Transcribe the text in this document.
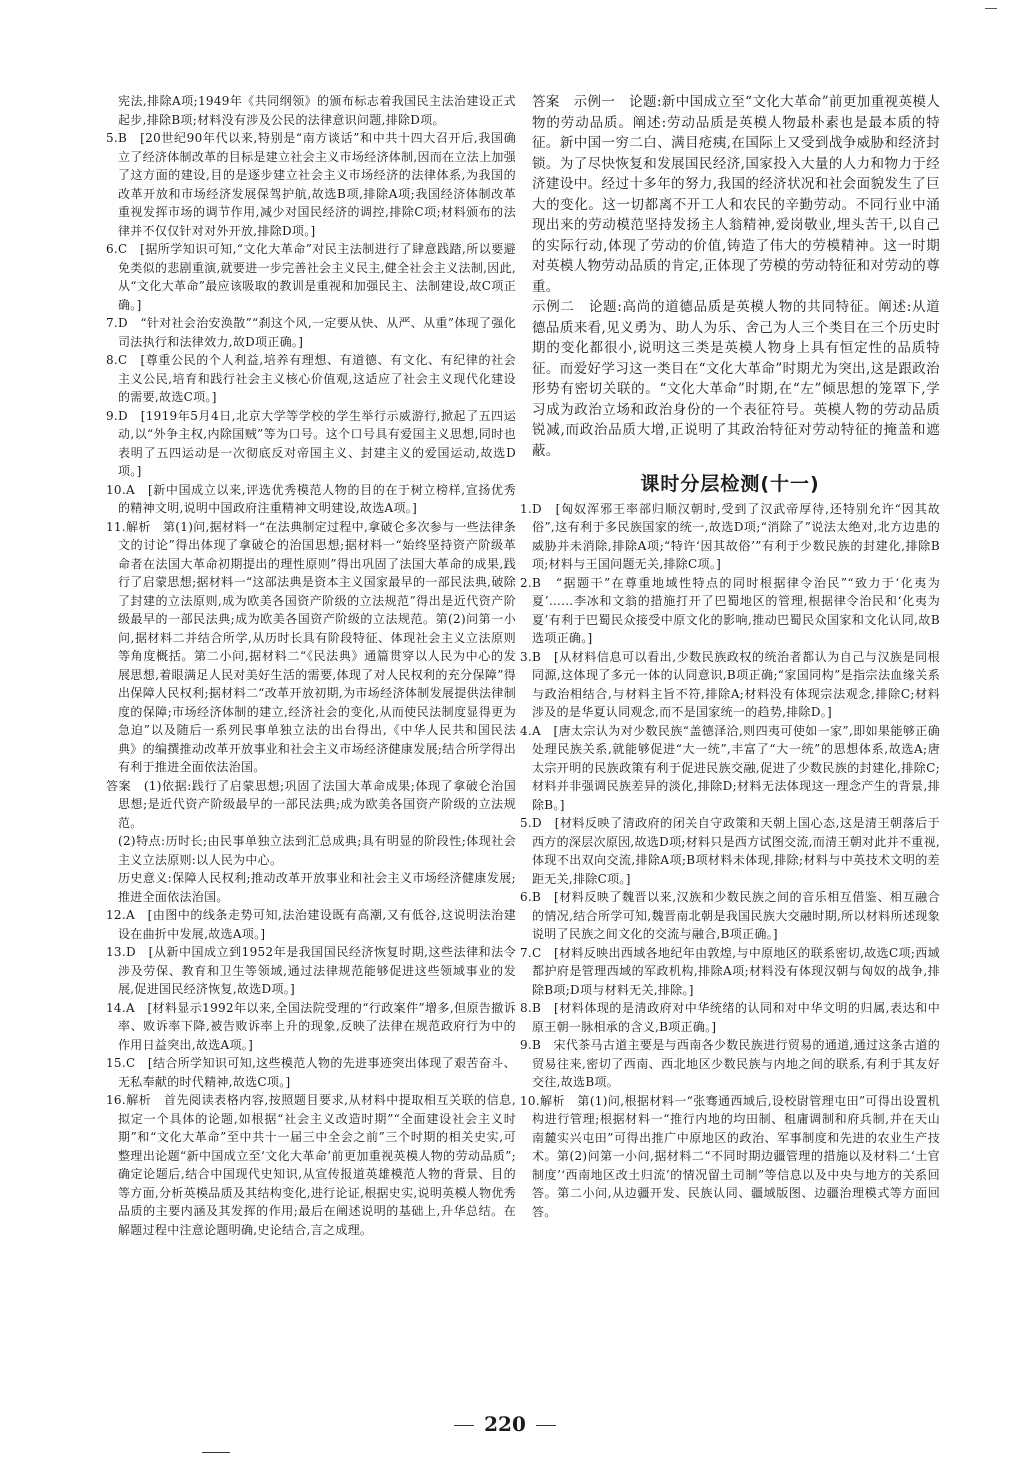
宪法,排除A项;1949年《共同纲领》的颁布标志着我国民主法治建设正式起步,排除B项;材料没有涉及公民的法律意识问题,排除D项。

5.B　[20世纪90年代以来,特别是“南方谈话”和中共十四大召开后,我国确立了经济体制改革的目标是建立社会主义市场经济体制,因而在立法上加强了这方面的建设,目的是逐步建立社会主义市场经济的法律体系,为我国的改革开放和市场经济发展保驾护航,故选B项,排除A项;我国经济体制改革重视发挥市场的调节作用,减少对国民经济的调控,排除C项;材料颁布的法律并不仅仅针对对外开放,排除D项。]

6.C　[据所学知识可知,“文化大革命”对民主法制进行了肆意践踏,所以要避免类似的悲剧重演,就要进一步完善社会主义民主,健全社会主义法制,因此,从“文化大革命”最应该吸取的教训是重视和加强民主、法制建设,故C项正确。]

7.D　“针对社会治安涣散”“刹这个风,一定要从快、从严、从重”体现了强化司法执行和法律效力,故D项正确。]

8.C　[尊重公民的个人利益,培养有理想、有道德、有文化、有纪律的社会主义公民,培育和践行社会主义核心价值观,这适应了社会主义现代化建设的需要,故选C项。]

9.D　[1919年5月4日,北京大学等学校的学生举行示威游行,掀起了五四运动,以“外争主权,内除国贼”等为口号。这个口号具有爱国主义思想,同时也表明了五四运动是一次彻底反对帝国主义、封建主义的爱国运动,故选D项。]

10.A　[新中国成立以来,评选优秀模范人物的目的在于树立榜样,宣扬优秀的精神文明,说明中国政府注重精神文明建设,故选A项。]

11.解析　第(1)问,据材料一“在法典制定过程中,拿破仑多次参与一些法律条文的讨论”得出体现了拿破仑的治国思想;据材料一“始终坚持资产阶级革命者在法国大革命初期提出的理性原则”得出巩固了法国大革命的成果,践行了启蒙思想;据材料一“这部法典是资本主义国家最早的一部民法典,破除了封建的立法原则,成为欧美各国资产阶级的立法规范”得出是近代资产阶级最早的一部民法典;成为欧美各国资产阶级的立法规范。第(2)问第一小问,据材料二并结合所学,从历时长具有阶段特征、体现社会主义立法原则等角度概括。第二小问,据材料二“《民法典》通篇贯穿以人民为中心的发展思想,着眼满足人民对美好生活的需要,体现了对人民权利的充分保障”得出保障人民权利;据材料二“改革开放初期,为市场经济体制发展提供法律制度的保障;市场经济体制的建立,经济社会的变化,从而使民法制度显得更为急迫”以及随后一系列民事单独立法的出台得出,《中华人民共和国民法典》的编撰推动改革开放事业和社会主义市场经济健康发展;结合所学得出有利于推进全面依法治国。

答案　(1)依据:践行了启蒙思想;巩固了法国大革命成果;体现了拿破仑治国思想;是近代资产阶级最早的一部民法典;成为欧美各国资产阶级的立法规范。

(2)特点:历时长;由民事单独立法到汇总成典;具有明显的阶段性;体现社会主义立法原则:以人民为中心。

历史意义:保障人民权利;推动改革开放事业和社会主义市场经济健康发展;推进全面依法治国。

12.A　[由图中的线条走势可知,法治建设既有高潮,又有低谷,这说明法治建设在曲折中发展,故选A项。]

13.D　[从新中国成立到1952年是我国国民经济恢复时期,这些法律和法令涉及劳保、教育和卫生等领域,通过法律规范能够促进这些领域事业的发展,促进国民经济恢复,故选D项。]

14.A　[材料显示1992年以来,全国法院受理的“行政案件”增多,但原告撤诉率、败诉率下降,被告败诉率上升的现象,反映了法律在规范政府行为中的作用日益突出,故选A项。]

15.C　[结合所学知识可知,这些模范人物的先进事迹突出体现了艰苦奋斗、无私奉献的时代精神,故选C项。]

16.解析　首先阅读表格内容,按照题目要求,从材料中提取相互关联的信息,拟定一个具体的论题,如根据“社会主义改造时期”“全面建设社会主义时期”和“文化大革命”至中共十一届三中全会之前”三个时期的相关史实,可整理出论题“新中国成立至‘文化大革命’前更加重视英模人物的劳动品质”;确定论题后,结合中国现代史知识,从宣传报道英雄模范人物的背景、目的等方面,分析英模品质及其结构变化,进行论证,根据史实,说明英模人物优秀品质的主要内涵及其发挥的作用;最后在阐述说明的基础上,升华总结。在解题过程中注意论题明确,史论结合,言之成理。

答案　示例一　论题:新中国成立至“文化大革命”前更加重视英模人物的劳动品质。阐述:劳动品质是英模人物最朴素也是最本质的特征。新中国一穷二白、满目疮痍,在国际上又受到战争威胁和经济封锁。为了尽快恢复和发展国民经济,国家投入大量的人力和物力于经济建设中。经过十多年的努力,我国的经济状况和社会面貌发生了巨大的变化。这一切都离不开工人和农民的辛勤劳动。不同行业中涌现出来的劳动模范坚持发扬主人翁精神,爱岗敬业,埋头苦干,以自己的实际行动,体现了劳动的价值,铸造了伟大的劳模精神。这一时期对英模人物劳动品质的肯定,正体现了劳模的劳动特征和对劳动的尊重。

示例二　论题:高尚的道德品质是英模人物的共同特征。阐述:从道德品质来看,见义勇为、助人为乐、舍己为人三个类目在三个历史时期的变化都很小,说明这三类是英模人物身上具有恒定性的品质特征。而爱好学习这一类目在“文化大革命”时期尤为突出,这是跟政治形势有密切关联的。“文化大革命”时期,在“左”倾思想的笼罩下,学习成为政治立场和政治身份的一个表征符号。英模人物的劳动品质锐减,而政治品质大增,正说明了其政治特征对劳动特征的掩盖和遮蔽。

课时分层检测(十一)

1.D　[匈奴浑邪王率部归顺汉朝时,受到了汉武帝厚待,还特别允许“因其故俗”,这有利于多民族国家的统一,故选D项;“消除了”说法太绝对,北方边患的威胁并未消除,排除A项;“特许‘因其故俗’”有利于少数民族的封建化,排除B项;材料与王国问题无关,排除C项。]

2.B　“据题干”在尊重地域性特点的同时根据律令治民”“致力于‘化夷为夏’……李冰和文翁的措施打开了巴蜀地区的管理,根据律令治民和‘化夷为夏’有利于巴蜀民众接受中原文化的影响,推动巴蜀民众国家和文化认同,故B选项正确。]

3.B　[从材料信息可以看出,少数民族政权的统治者都认为自己与汉族是同根同源,这体现了多元一体的认同意识,B项正确;“家国同构”是指宗法血缘关系与政治相结合,与材料主旨不符,排除A;材料没有体现宗法观念,排除C;材料涉及的是华夏认同观念,而不是国家统一的趋势,排除D。]

4.A　[唐太宗认为对少数民族“盖德泽洽,则四夷可使如一家”,即如果能够正确处理民族关系,就能够促进“大一统”,丰富了“大一统”的思想体系,故选A;唐太宗开明的民族政策有利于促进民族交融,促进了少数民族的封建化,排除C;材料并非强调民族差异的淡化,排除D;材料无法体现这一理念产生的背景,排除B。]

5.D　[材料反映了清政府的闭关自守政策和天朝上国心态,这是清王朝落后于西方的深层次原因,故选D项;材料只是西方试图交流,而清王朝对此并不重视,体现不出双向交流,排除A项;B项材料未体现,排除;材料与中英技术文明的差距无关,排除C项。]

6.B　[材料反映了魏晋以来,汉族和少数民族之间的音乐相互借鉴、相互融合的情况,结合所学可知,魏晋南北朝是我国民族大交融时期,所以材料所述现象说明了民族之间文化的交流与融合,B项正确。]

7.C　[材料反映出西域各地纪年由敦煌,与中原地区的联系密切,故选C项;西域都护府是管理西域的军政机构,排除A项;材料没有体现汉朝与匈奴的战争,排除B项;D项与材料无关,排除。]

8.B　[材料体现的是清政府对中华统绪的认同和对中华文明的归属,表达和中原王朝一脉相承的含义,B项正确。]

9.B　宋代茶马古道主要是与西南各少数民族进行贸易的通道,通过这条古道的贸易往来,密切了西南、西北地区少数民族与内地之间的联系,有利于其友好交往,故选B项。

10.解析　第(1)问,根据材料一“张骞通西域后,设校尉管理屯田”可得出设置机构进行管理;根据材料一“推行内地的均田制、租庸调制和府兵制,并在天山南麓实兴屯田”可得出推广中原地区的政治、军事制度和先进的农业生产技术。第(2)问第一小问,据材料二“不同时期边疆管理的措施以及材料二‘土官制度’‘西南地区改土归流’的情况留土司制”等信息以及中央与地方的关系回答。第二小问,从边疆开发、民族认同、疆域版图、边疆治理模式等方面回答。

220
